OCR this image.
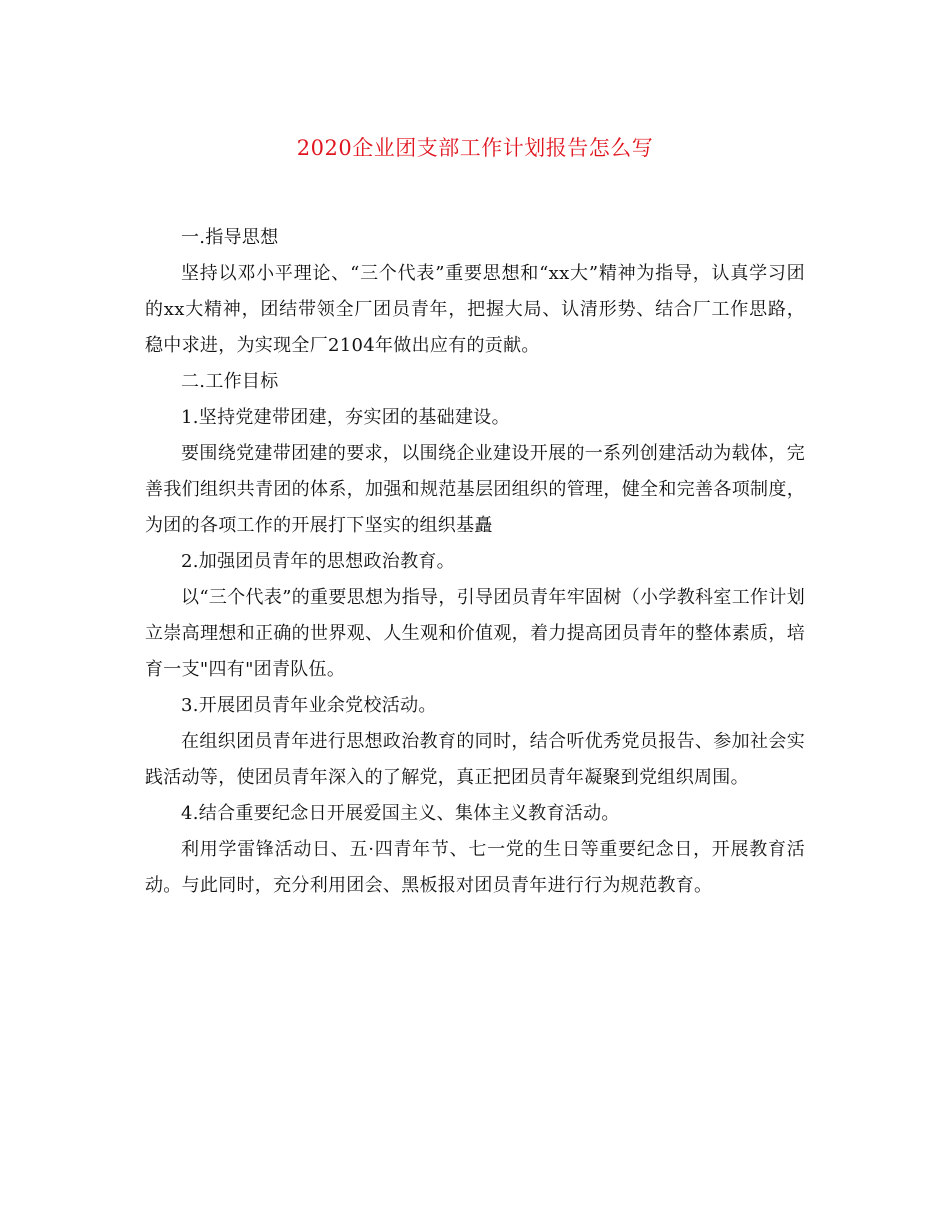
2020企业团支部工作计划报告怎么写

一.指导思想

坚持以邓小平理论、“三个代表”重要思想和“xx大”精神为指导，认真学习团的xx大精神，团结带领全厂团员青年，把握大局、认清形势、结合厂工作思路，稳中求进，为实现全厂2104年做出应有的贡献。

二.工作目标

1.坚持党建带团建，夯实团的基础建设。

要围绕党建带团建的要求，以围绕企业建设开展的一系列创建活动为载体，完善我们组织共青团的体系，加强和规范基层团组织的管理，健全和完善各项制度，为团的各项工作的开展打下坚实的组织基矗

2.加强团员青年的思想政治教育。

以“三个代表”的重要思想为指导，引导团员青年牢固树（小学教科室工作计划立崇高理想和正确的世界观、人生观和价值观，着力提高团员青年的整体素质，培育一支"四有"团青队伍。

3.开展团员青年业余党校活动。

在组织团员青年进行思想政治教育的同时，结合听优秀党员报告、参加社会实践活动等，使团员青年深入的了解党，真正把团员青年凝聚到党组织周围。

4.结合重要纪念日开展爱国主义、集体主义教育活动。

利用学雷锋活动日、五·四青年节、七一党的生日等重要纪念日，开展教育活动。与此同时，充分利用团会、黑板报对团员青年进行行为规范教育。
